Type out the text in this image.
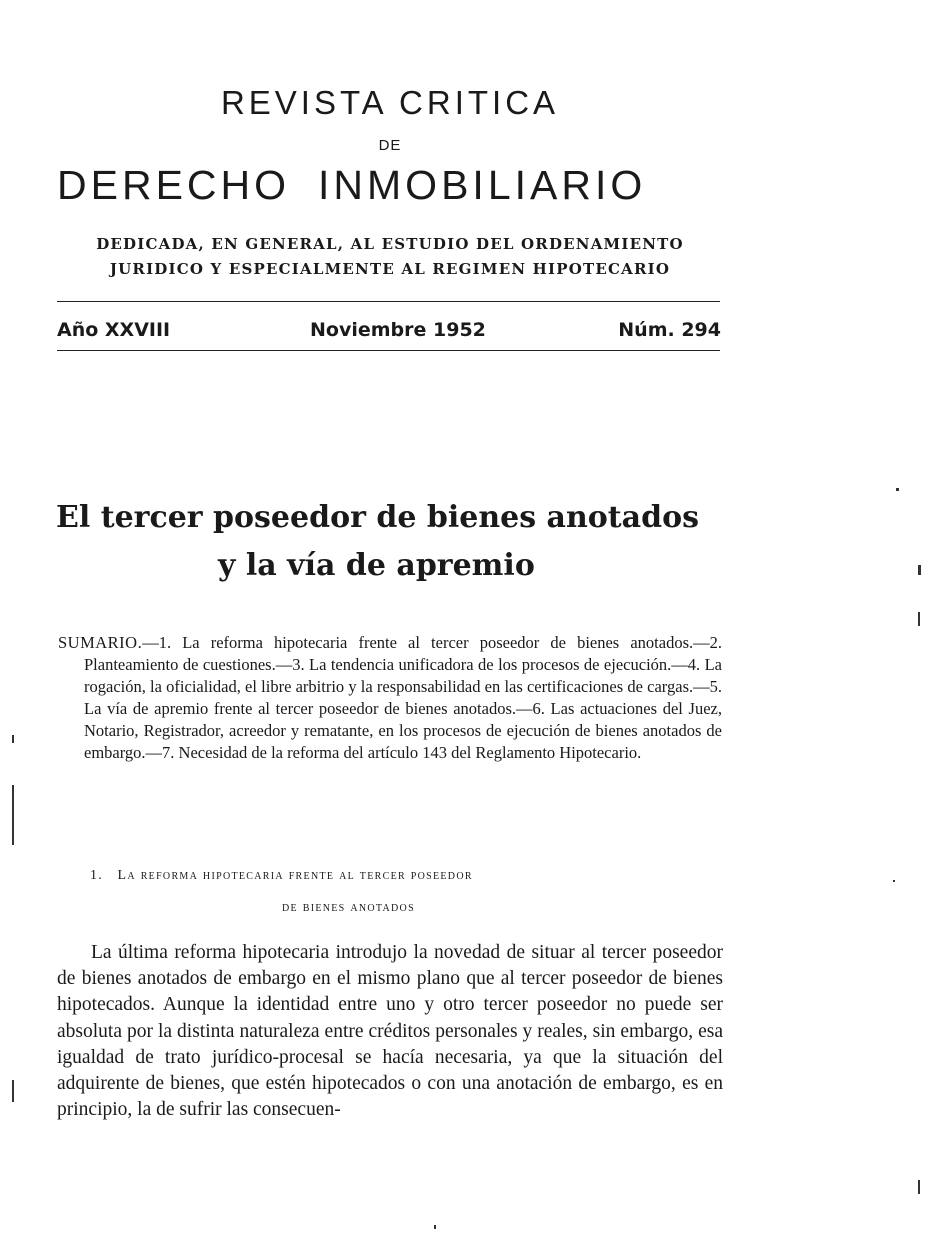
REVISTA CRITICA
DE
DERECHO INMOBILIARIO
DEDICADA, EN GENERAL, AL ESTUDIO DEL ORDENAMIENTO
JURIDICO Y ESPECIALMENTE AL REGIMEN HIPOTECARIO
Año XXVIII	Noviembre 1952	Núm. 294
El tercer poseedor de bienes anotados
y la vía de apremio
SUMARIO.—1. La reforma hipotecaria frente al tercer poseedor de bienes anotados.—2. Planteamiento de cuestiones.—3. La tendencia unificadora de los procesos de ejecución.—4. La rogación, la oficialidad, el libre arbitrio y la responsabilidad en las certificaciones de cargas.—5. La vía de apremio frente al tercer poseedor de bienes anotados.—6. Las actuaciones del Juez, Notario, Registrador, acreedor y rematante, en los procesos de ejecución de bienes anotados de embargo.—7. Necesidad de la reforma del artículo 143 del Reglamento Hipotecario.
1. La reforma hipotecaria frente al tercer poseedor
de bienes anotados

La última reforma hipotecaria introdujo la novedad de situar al tercer poseedor de bienes anotados de embargo en el mismo plano que al tercer poseedor de bienes hipotecados. Aunque la identidad entre uno y otro tercer poseedor no puede ser absoluta por la distinta naturaleza entre créditos personales y reales, sin embargo, esa igualdad de trato jurídico-procesal se hacía necesaria, ya que la situación del adquirente de bienes, que estén hipotecados o con una anotación de embargo, es en principio, la de sufrir las consecuen-
